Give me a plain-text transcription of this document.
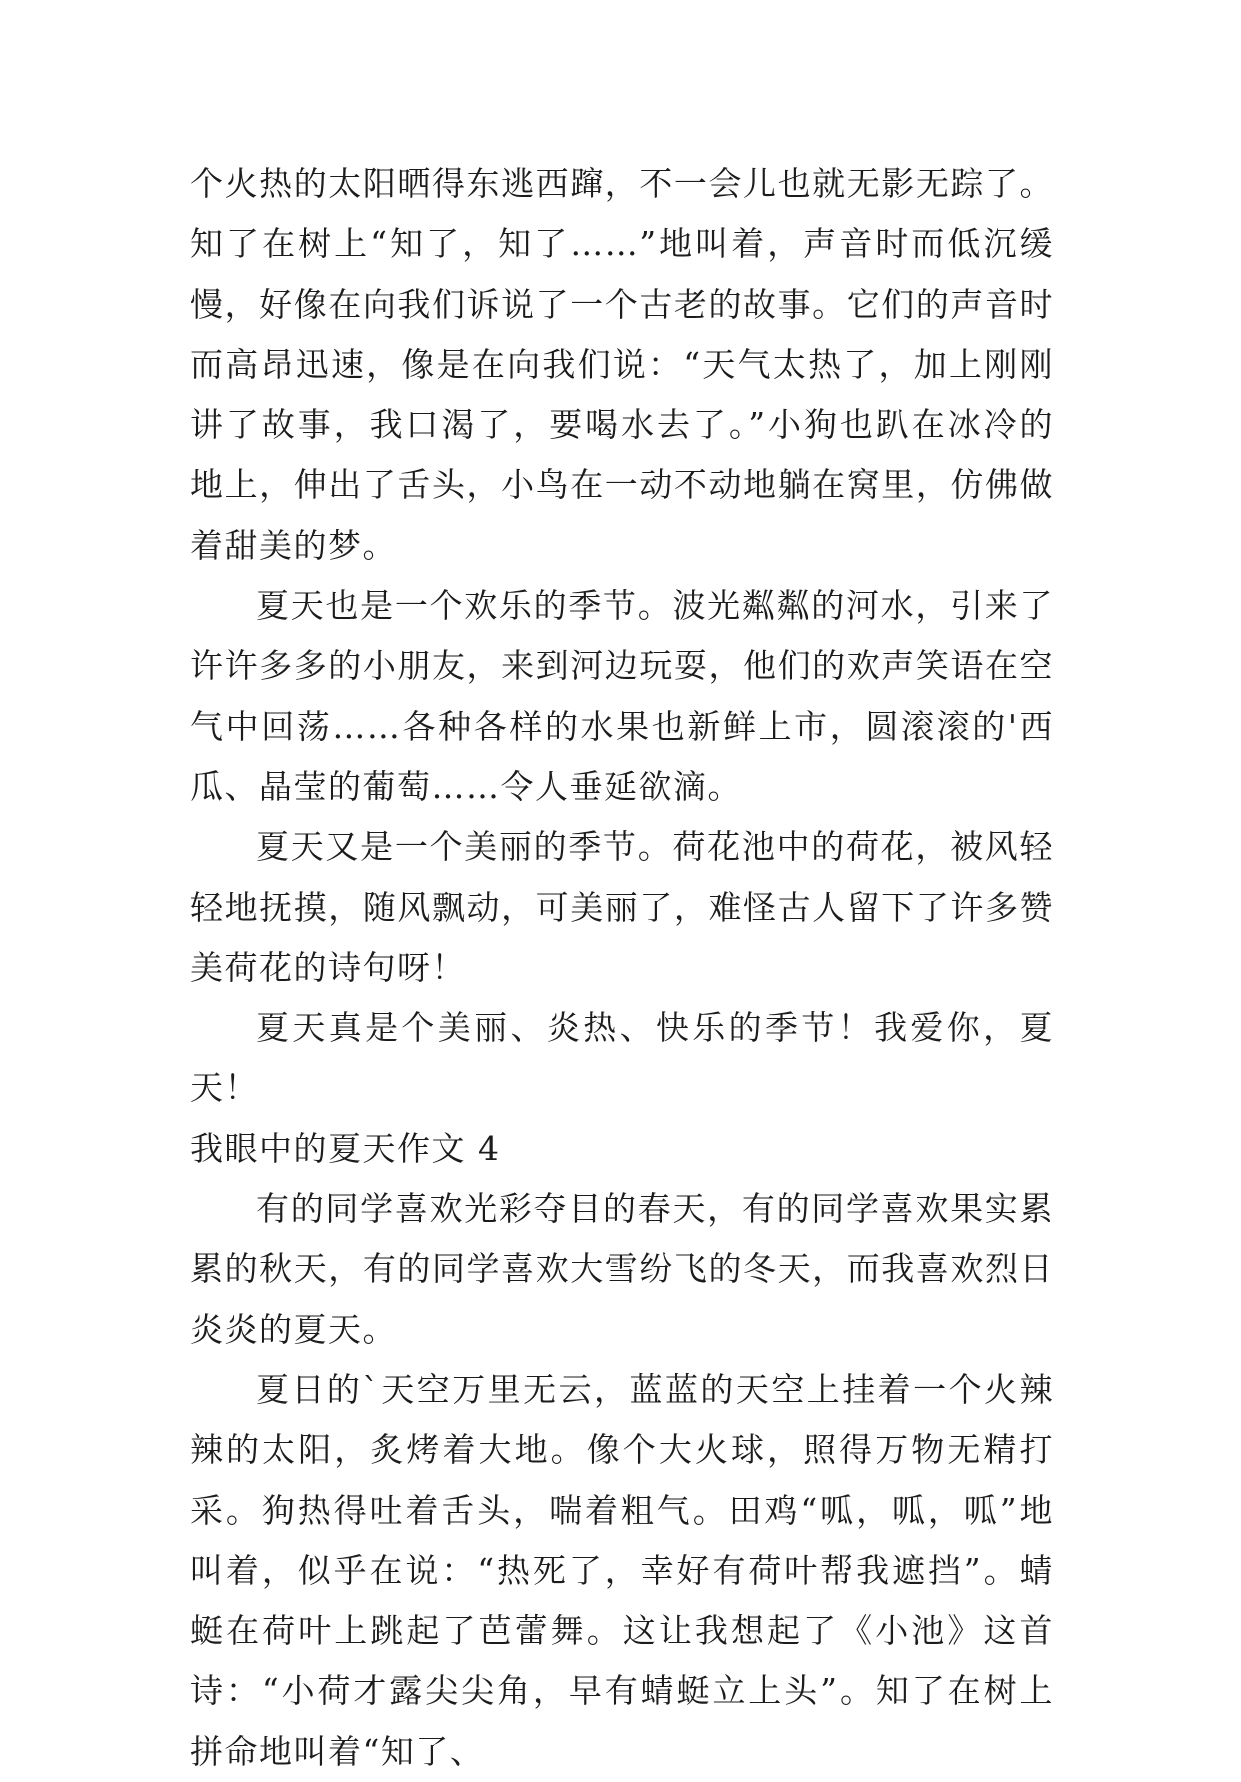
个火热的太阳晒得东逃西蹿，不一会儿也就无影无踪了。知了在树上“知了，知了……”地叫着，声音时而低沉缓慢，好像在向我们诉说了一个古老的故事。它们的声音时而高昂迅速，像是在向我们说：“天气太热了，加上刚刚讲了故事，我口渴了，要喝水去了。”小狗也趴在冰冷的地上，伸出了舌头，小鸟在一动不动地躺在窝里，仿佛做着甜美的梦。

夏天也是一个欢乐的季节。波光粼粼的河水，引来了许许多多的小朋友，来到河边玩耍，他们的欢声笑语在空气中回荡……各种各样的水果也新鲜上市，圆滚滚的'西瓜、晶莹的葡萄……令人垂延欲滴。

夏天又是一个美丽的季节。荷花池中的荷花，被风轻轻地抚摸，随风飘动，可美丽了，难怪古人留下了许多赞美荷花的诗句呀！

夏天真是个美丽、炎热、快乐的季节！我爱你，夏天！

我眼中的夏天作文 4

有的同学喜欢光彩夺目的春天，有的同学喜欢果实累累的秋天，有的同学喜欢大雪纷飞的冬天，而我喜欢烈日炎炎的夏天。

夏日的`天空万里无云，蓝蓝的天空上挂着一个火辣辣的太阳，炙烤着大地。像个大火球，照得万物无精打采。狗热得吐着舌头，喘着粗气。田鸡“呱，呱，呱”地叫着，似乎在说：“热死了，幸好有荷叶帮我遮挡”。蜻蜓在荷叶上跳起了芭蕾舞。这让我想起了《小池》这首诗：“小荷才露尖尖角，早有蜻蜓立上头”。知了在树上拼命地叫着“知了、
